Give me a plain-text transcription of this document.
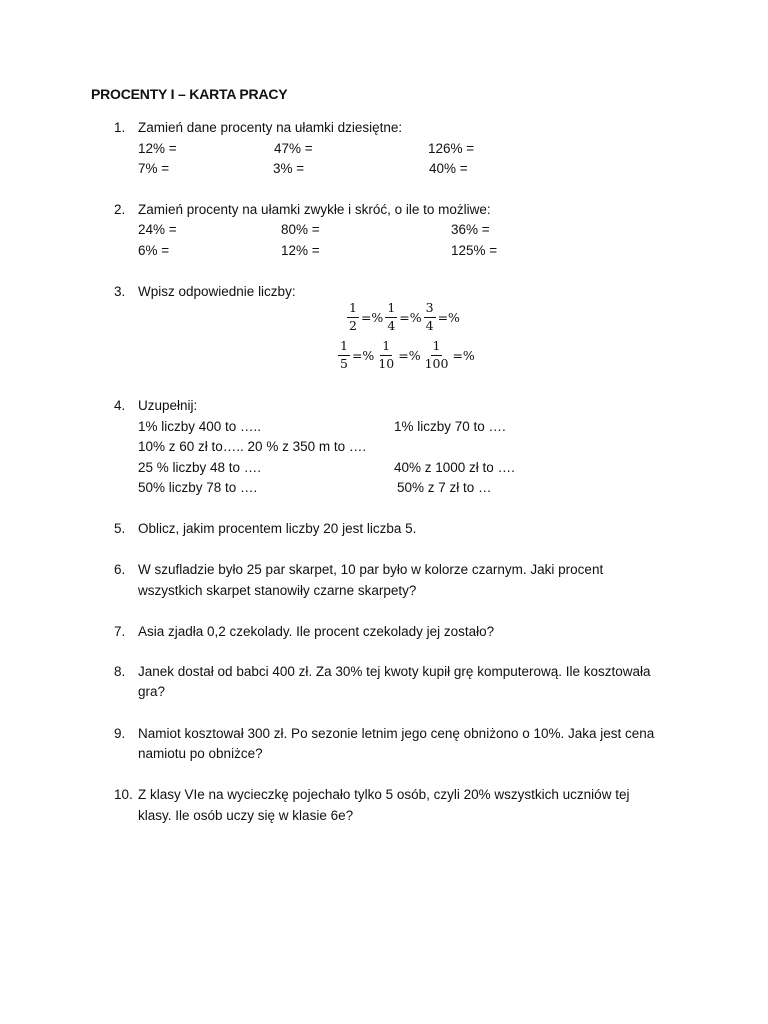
PROCENTY I – KARTA PRACY
1. Zamień dane procenty na ułamki dziesiętne:
12% =	47% =	126% =
7% =	3% =	40% =
2. Zamień procenty na ułamki zwykłe i skróć, o ile to możliwe:
24% =	80% =	36% =
6% =	12% =	125% =
3. Wpisz odpowiednie liczby:
$\frac{1}{2}$ =% $\frac{1}{4}$ =% $\frac{3}{4}$ =%
$\frac{1}{5}$ =% $\frac{1}{10}$ =% $\frac{1}{100}$ =%
4. Uzupełnij:
1% liczby 400 to …..	1% liczby 70 to ….
10% z 60 zł to….. 20 % z 350 m to ….
25 % liczby 48 to ….	40% z 1000 zł to ….
50% liczby 78 to ….	50% z 7 zł to …
5. Oblicz, jakim procentem liczby 20 jest liczba 5.
6. W szufladzie było 25 par skarpet, 10 par było w kolorze czarnym. Jaki procent
wszystkich skarpet stanowiły czarne skarpety?
7. Asia zjadła 0,2 czekolady. Ile procent czekolady jej zostało?
8. Janek dostał od babci 400 zł. Za 30% tej kwoty kupił grę komputerową. Ile kosztowała
gra?
9. Namiot kosztował 300 zł. Po sezonie letnim jego cenę obniżono o 10%. Jaka jest cena
namiotu po obniżce?
10. Z klasy VIe na wycieczkę pojechało tylko 5 osób, czyli 20% wszystkich uczniów tej
klasy. Ile osób uczy się w klasie 6e?
